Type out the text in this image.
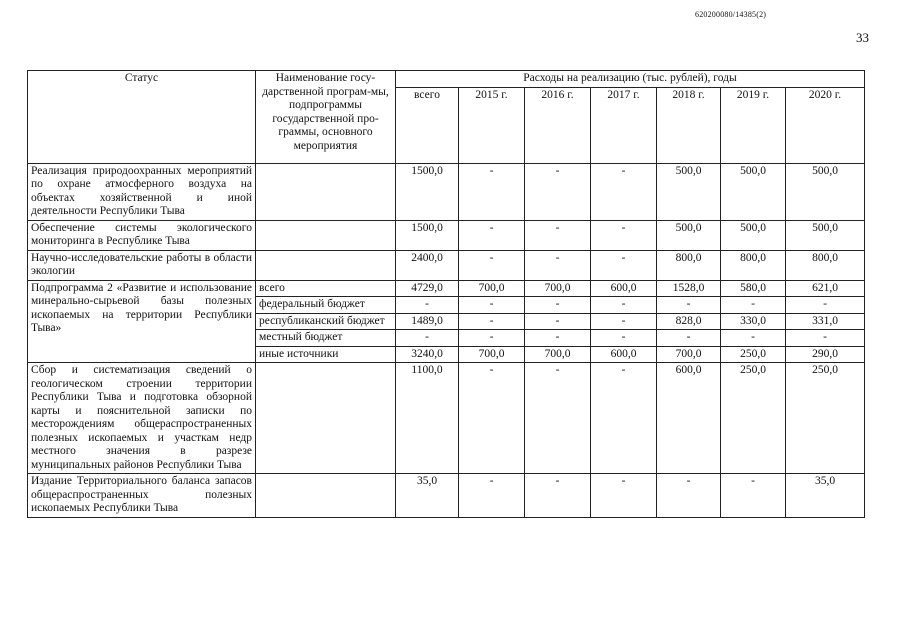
620200080/14385(2)
33
Статус	Наименование госу-дарственной програм-мы, подпрограммы государственной про-граммы, основного мероприятия	Расходы на реализацию (тыс. рублей), годы						
		всего	2015 г.	2016 г.	2017 г.	2018 г.	2019 г.	2020 г.
Реализация природоохранных мероприятий по охране атмосферного воздуха на объектах хозяйственной и иной деятельности Республики Тыва		1500,0	-	-	-	500,0	500,0	500,0
Обеспечение системы экологического мониторинга в Республике Тыва		1500,0	-	-	-	500,0	500,0	500,0
Научно-исследовательские работы в области экологии		2400,0	-	-	-	800,0	800,0	800,0
Подпрограмма 2 «Развитие и использование минерально-сырьевой базы полезных ископаемых на территории Республики Тыва»	всего	4729,0	700,0	700,0	600,0	1528,0	580,0	621,0
	федеральный бюджет	-	-	-	-	-	-	-
	республиканский бюджет	1489,0	-	-	-	828,0	330,0	331,0
	местный бюджет	-	-	-	-	-	-	-
	иные источники	3240,0	700,0	700,0	600,0	700,0	250,0	290,0
Сбор и систематизация сведений о геологическом строении территории Республики Тыва и подготовка обзорной карты и пояснительной записки по месторождениям общераспространенных полезных ископаемых и участкам недр местного значения в разрезе муниципальных районов Республики Тыва		1100,0	-	-	-	600,0	250,0	250,0
Издание Территориального баланса запасов общераспространенных полезных ископаемых Республики Тыва		35,0	-	-	-	-	-	35,0
